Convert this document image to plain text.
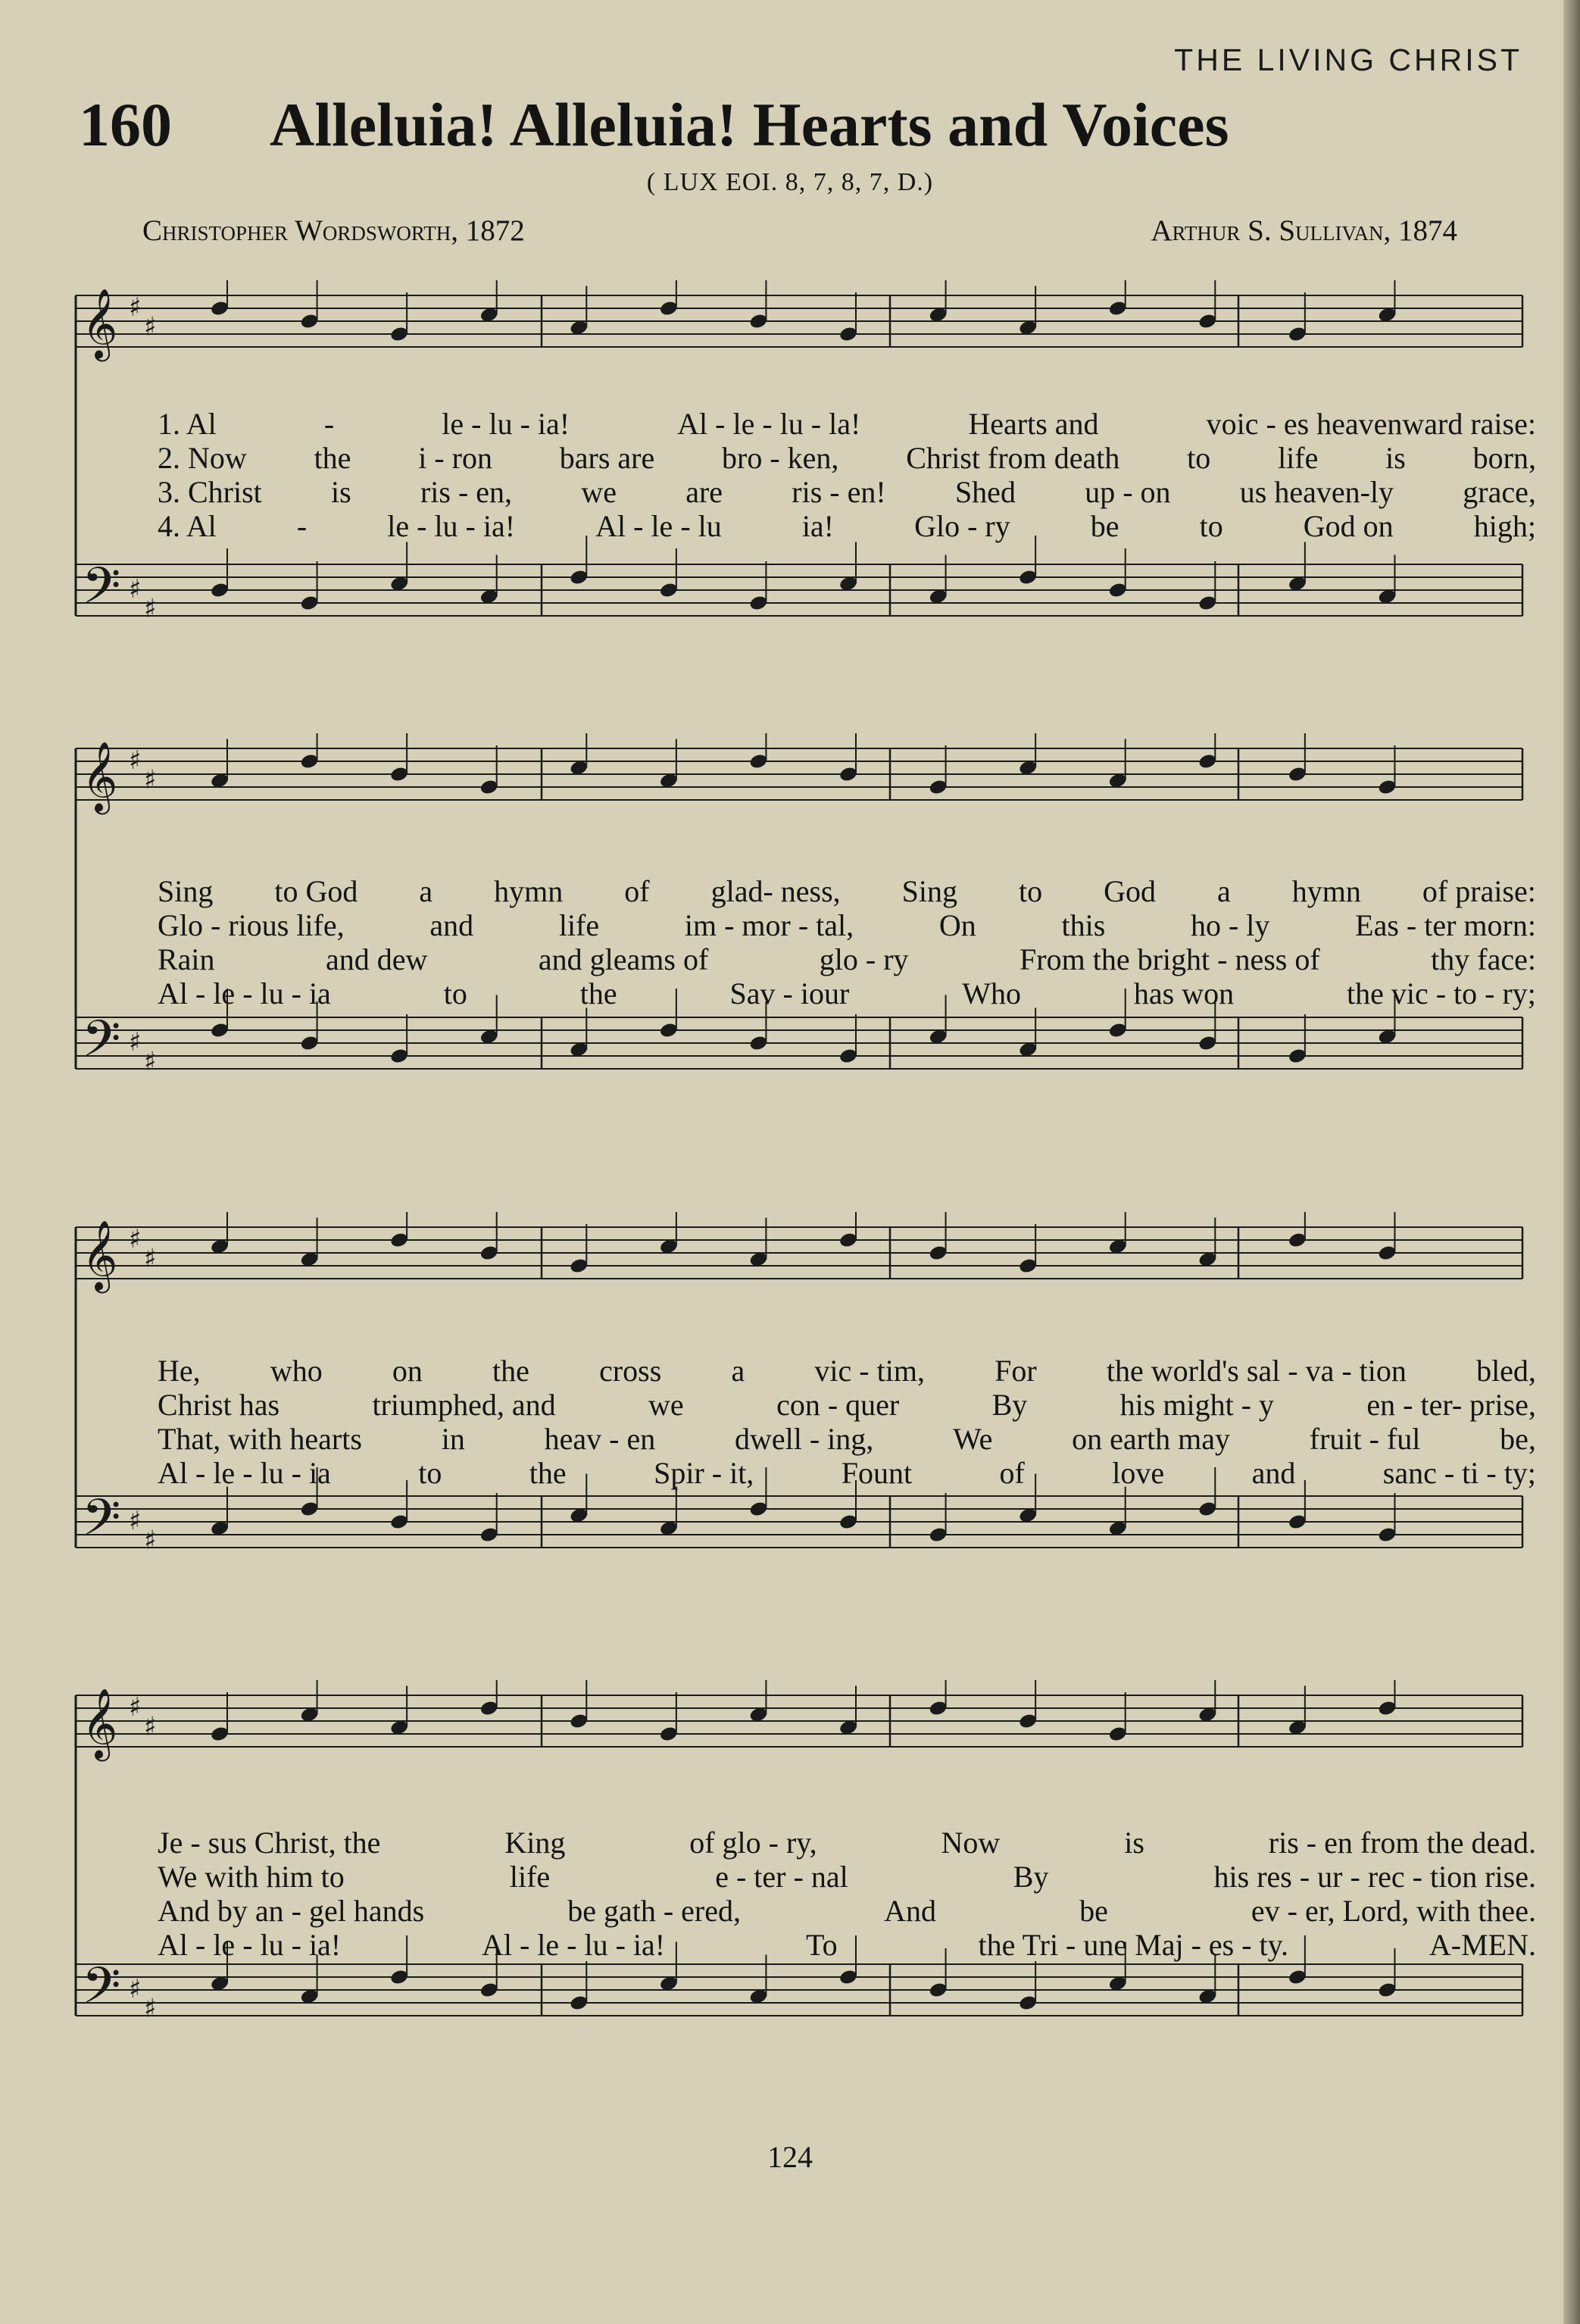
THE LIVING CHRIST
160 Alleluia! Alleluia! Hearts and Voices
( LUX EOI. 8, 7, 8, 7, D.)
Christopher Wordsworth, 1872	Arthur S. Sullivan, 1874
𝄞 ♯
♯
𝄢 ♯
♯
1. Al	-	le - lu - ia!	Al - le - lu - la!	Hearts and	voic - es heavenward raise:
2. Now the i - ron bars are bro - ken, Christ from death to life is born,
3. Christ is ris - en, we are ris - en! Shed up - on us heaven-ly grace,
4. Al	-	le - lu - ia!	Al - le - lu	ia!	Glo - ry	be	to	God on	high;
𝄞 ♯
♯
𝄢 ♯
♯
Sing to God a hymn of glad- ness, Sing to God a hymn of praise:
Glo - rious life,	and	life	im - mor - tal,	On	this	ho - ly	Eas - ter morn:
Rain	and dew	and gleams of	glo - ry	From the bright - ness of	thy face:
Al - le - lu - ia	to	the	Sav - iour	Who	has won	the vic - to - ry;
𝄞 ♯
♯
𝄢 ♯
♯
He, who on the cross a vic - tim, For the world's sal - va - tion bled,
Christ has	triumphed, and	we	con - quer	By	his might - y	en - ter- prise,
That, with hearts	in	heav - en	dwell - ing,	We	on earth may	fruit - ful	be,
Al - le - lu - ia	to	the	Spir - it,	Fount	of	love	and	sanc - ti - ty;
𝄞 ♯
♯
𝄢 ♯
♯
Je - sus Christ, the	King	of glo - ry,	Now	is	ris - en from the dead.
We with him to	life	e - ter - nal	By	his res - ur - rec - tion rise.
And by an - gel hands	be gath - ered,	And	be	ev - er, Lord, with thee.
Al - le - lu - ia!	Al - le - lu - ia!	To	the Tri - une Maj - es - ty.	A-MEN.
124
